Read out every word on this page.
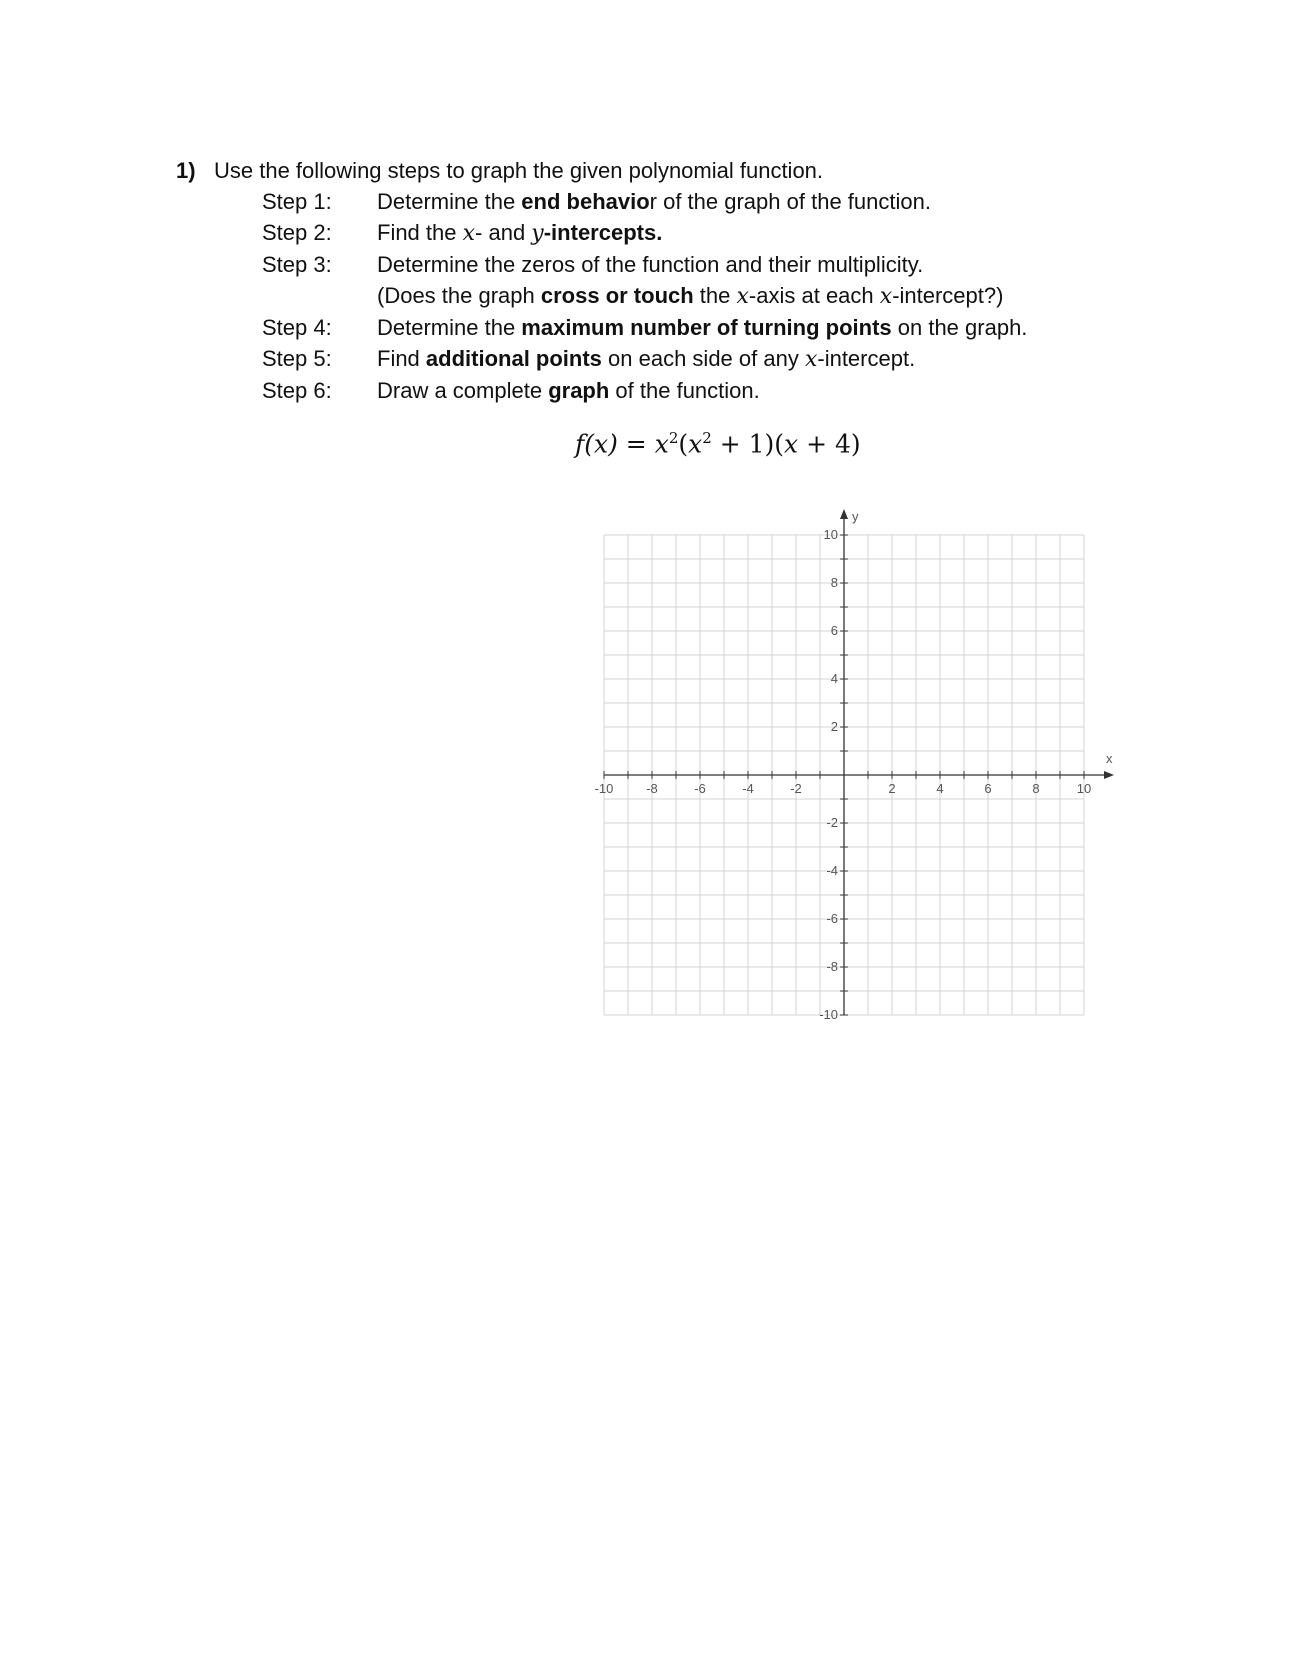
1) Use the following steps to graph the given polynomial function.
Step 1:	Determine the end behavior of the graph of the function.
Step 2:	Find the x- and y-intercepts.
Step 3:	Determine the zeros of the function and their multiplicity.
(Does the graph cross or touch the x-axis at each x-intercept?)
Step 4:	Determine the maximum number of turning points on the graph.
Step 5:	Find additional points on each side of any x-intercept.
Step 6:	Draw a complete graph of the function.
$f(x) = x^2(x^2 + 1)(x + 4)$
x
y
-10	-8	-6	-4	-2	2	4	6	8	10
10
8
6
4
2
-2
-4
-6
-8
-10
